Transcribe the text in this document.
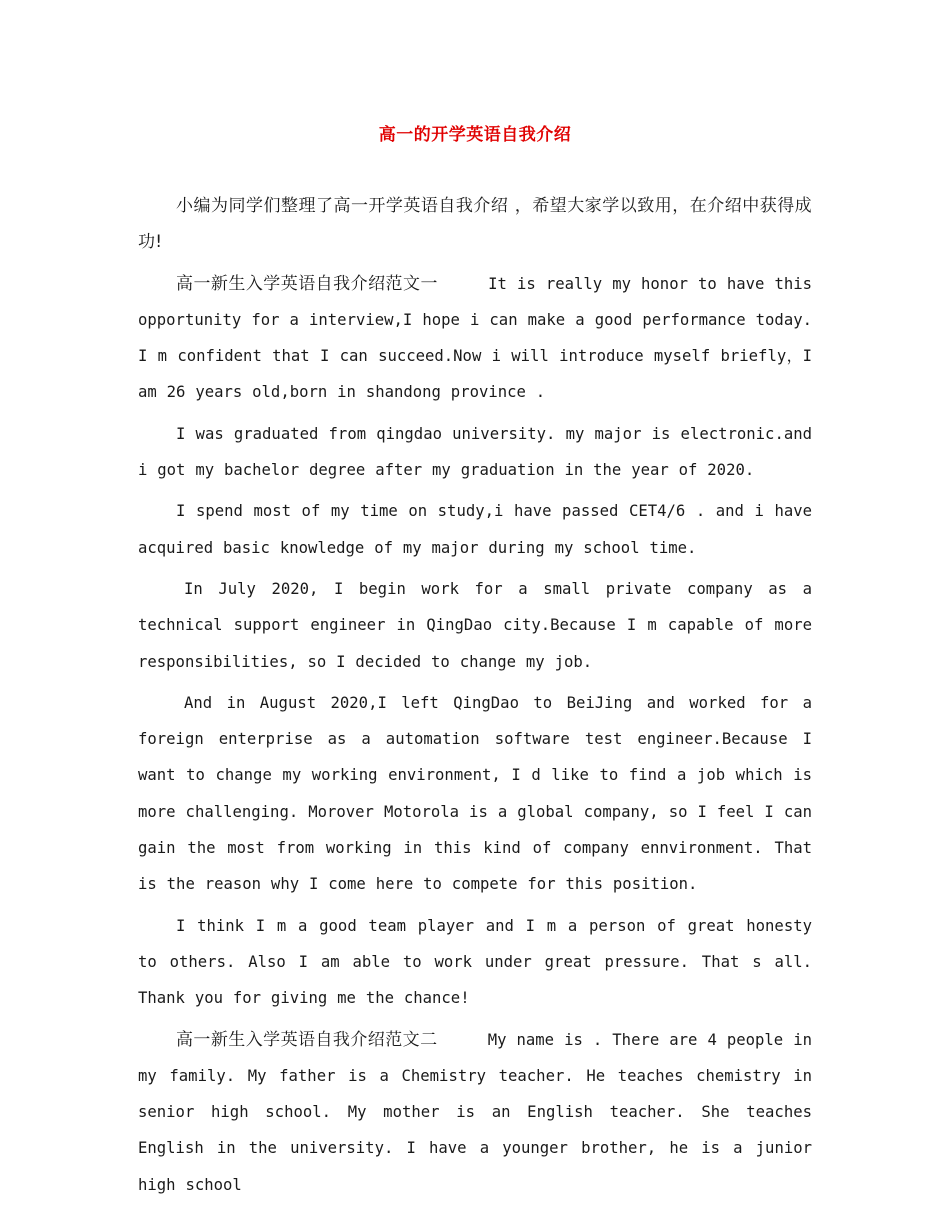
高一的开学英语自我介绍

小编为同学们整理了高一开学英语自我介绍 ，希望大家学以致用，在介绍中获得成功!

高一新生入学英语自我介绍范文一	It is really my honor to have this opportunity for a interview,I hope i can make a good performance today. I m confident that I can succeed.Now i will introduce myself briefly，I am 26 years old,born in shandong province .

I was graduated from qingdao university. my major is electronic.and i got my bachelor degree after my graduation in the year of 2020.

I spend most of my time on study,i have passed CET4/6 . and i have acquired basic knowledge of my major during my school time.

In July 2020, I begin work for a small private company as a technical support engineer in QingDao city.Because I m capable of more responsibilities, so I decided to change my job.

And in August 2020,I left QingDao to BeiJing and worked for a foreign enterprise as a automation software test engineer.Because I want to change my working environment, I d like to find a job which is more challenging. Morover Motorola is a global company, so I feel I can gain the most from working in this kind of company ennvironment. That is the reason why I come here to compete for this position.

I think I m a good team player and I m a person of great honesty to others. Also I am able to work under great pressure. That s all. Thank you for giving me the chance!

高一新生入学英语自我介绍范文二	My name is . There are 4 people in my family. My father is a Chemistry teacher. He teaches chemistry in senior high school. My mother is an English teacher. She teaches English in the university. I have a younger brother, he is a junior high school
